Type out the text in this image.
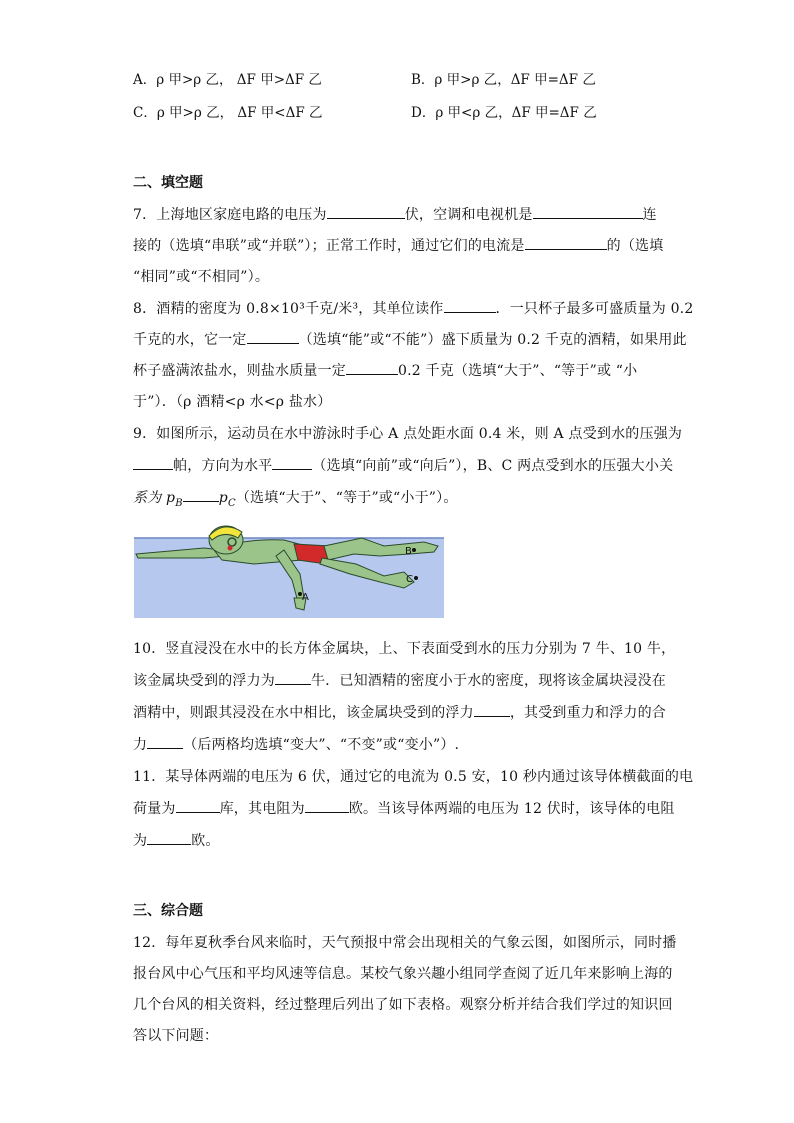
A．ρ 甲>ρ 乙， ΔF 甲>ΔF 乙	B．ρ 甲>ρ 乙，ΔF 甲=ΔF 乙
C．ρ 甲>ρ 乙， ΔF 甲<ΔF 乙	D．ρ 甲<ρ 乙，ΔF 甲=ΔF 乙
二、填空题
7．上海地区家庭电路的电压为	伏，空调和电视机是	连
接的（选填“串联”或“并联”）；正常工作时，通过它们的电流是	的（选填
“相同”或“不相同”）。
8．酒精的密度为 0.8×10³千克/米³，其单位读作	．一只杯子最多可盛质量为 0.2
千克的水，它一定	（选填“能”或“不能”）盛下质量为 0.2 千克的酒精，如果用此
杯子盛满浓盐水，则盐水质量一定	0.2 千克（选填“大于”、“等于”或 “小
于”）．（ρ 酒精<ρ 水<ρ 盐水）
9．如图所示，运动员在水中游泳时手心 A 点处距水面 0.4 米，则 A 点受到水的压强为
帕，方向为水平	（选填“向前”或“向后”），B、C 两点受到水的压强大小关
系为 $p_B$	$p_C$（选填“大于”、“等于”或“小于”）。
A
B
C
10．竖直浸没在水中的长方体金属块，上、下表面受到水的压力分别为 7 牛、10 牛，
该金属块受到的浮力为	牛．已知酒精的密度小于水的密度，现将该金属块浸没在
酒精中，则跟其浸没在水中相比，该金属块受到的浮力	，其受到重力和浮力的合
力	（后两格均选填“变大”、“不变”或“变小”）.
11．某导体两端的电压为 6 伏，通过它的电流为 0.5 安，10 秒内通过该导体横截面的电
荷量为	库，其电阻为	欧。当该导体两端的电压为 12 伏时，该导体的电阻
为	欧。
三、综合题
12．每年夏秋季台风来临时，天气预报中常会出现相关的气象云图，如图所示，同时播
报台风中心气压和平均风速等信息。某校气象兴趣小组同学查阅了近几年来影响上海的
几个台风的相关资料，经过整理后列出了如下表格。观察分析并结合我们学过的知识回
答以下问题：
